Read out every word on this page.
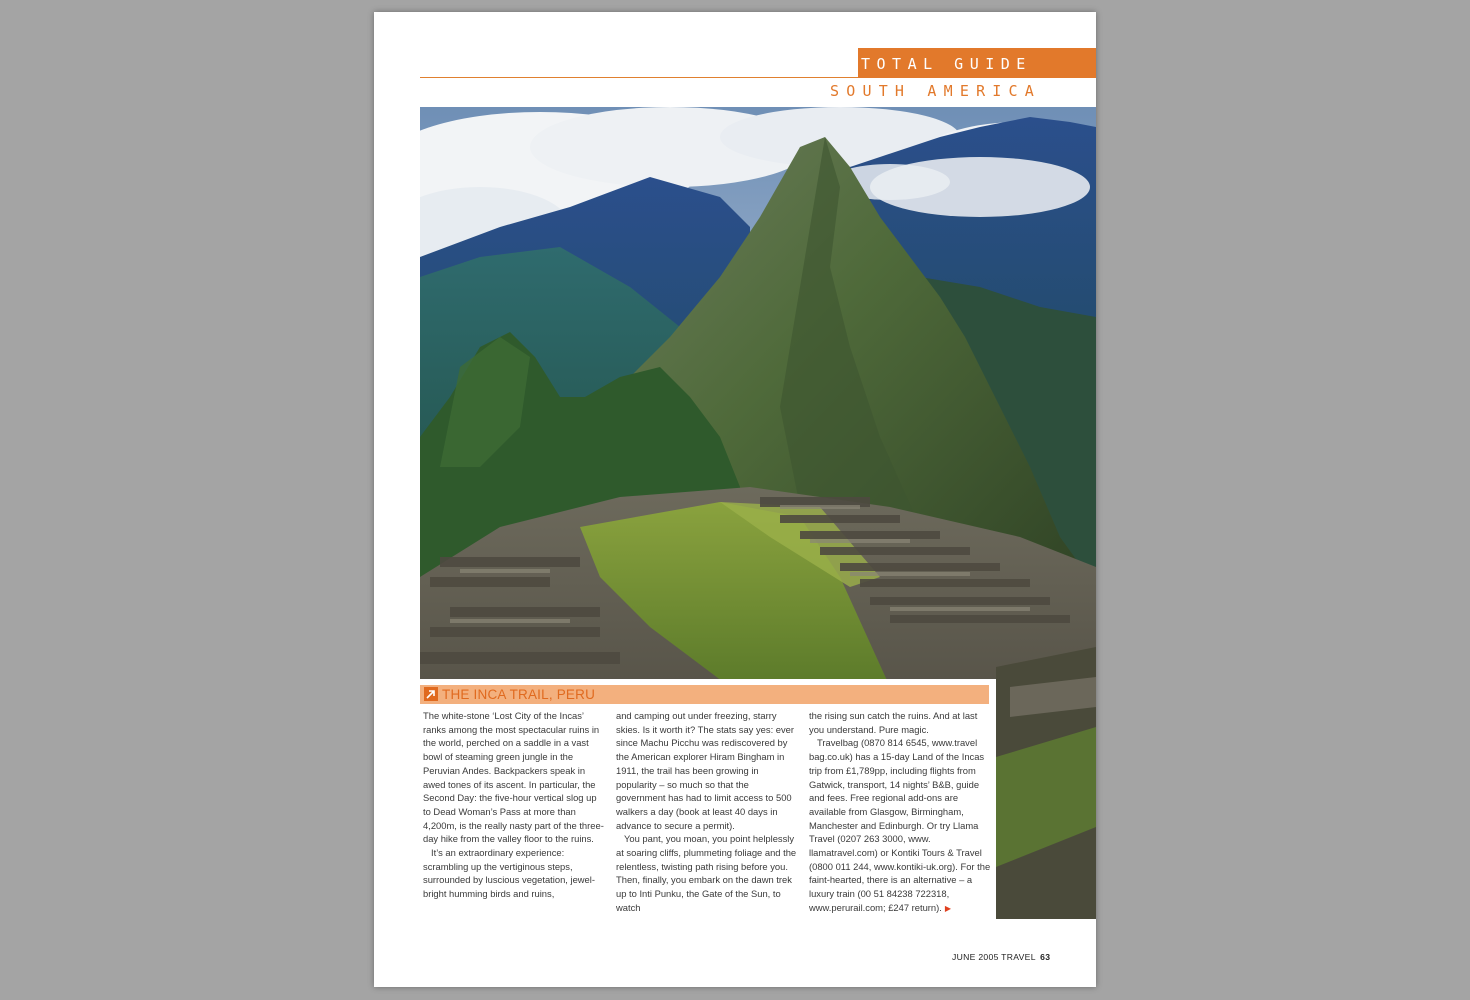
TOTAL GUIDE
SOUTH AMERICA
THE INCA TRAIL, PERU

The white-stone ‘Lost City of the Incas’ ranks among the most spectacular ruins in the world, perched on a saddle in a vast bowl of steaming green jungle in the Peruvian Andes. Backpackers speak in awed tones of its ascent. In particular, the Second Day: the five-hour vertical slog up to Dead Woman’s Pass at more than 4,200m, is the really nasty part of the three-day hike from the valley floor to the ruins.

It’s an extraordinary experience: scrambling up the vertiginous steps, surrounded by luscious vegetation, jewel-bright humming birds and ruins,

and camping out under freezing, starry skies. Is it worth it? The stats say yes: ever since Machu Picchu was rediscovered by the American explorer Hiram Bingham in 1911, the trail has been growing in popularity – so much so that the government has had to limit access to 500 walkers a day (book at least 40 days in advance to secure a permit).

You pant, you moan, you point helplessly at soaring cliffs, plummeting foliage and the relentless, twisting path rising before you. Then, finally, you embark on the dawn trek up to Inti Punku, the Gate of the Sun, to watch

the rising sun catch the ruins. And at last you understand. Pure magic.

Travelbag (0870 814 6545, www.travel bag.co.uk) has a 15-day Land of the Incas trip from £1,789pp, including flights from Gatwick, transport, 14 nights’ B&B, guide and fees. Free regional add-ons are available from Glasgow, Birmingham, Manchester and Edinburgh. Or try Llama Travel (0207 263 3000, www. llamatravel.com) or Kontiki Tours & Travel (0800 011 244, www.kontiki-uk.org). For the faint-hearted, there is an alternative – a luxury train (00 51 84238 722318, www.perurail.com; £247 return). ▶

JUNE 2005 TRAVEL 63
